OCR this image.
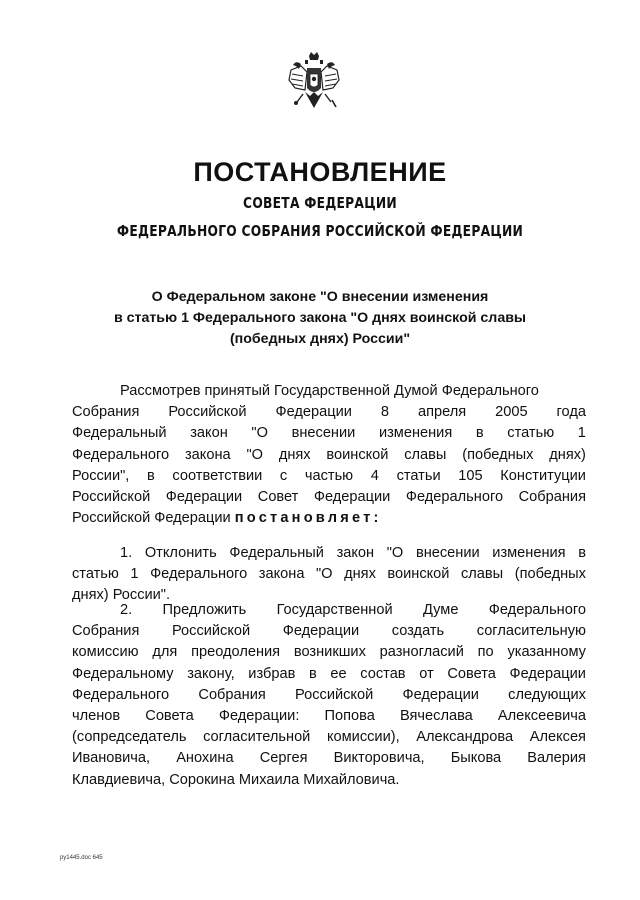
ПОСТАНОВЛЕНИЕ
СОВЕТА ФЕДЕРАЦИИ
ФЕДЕРАЛЬНОГО СОБРАНИЯ РОССИЙСКОЙ ФЕДЕРАЦИИ
О Федеральном законе "О внесении изменения
в статью 1 Федерального закона "О днях воинской славы
(победных днях) России"
Рассмотрев принятый Государственной Думой Федерального
Собрания Российской Федерации 8 апреля 2005 года
Федеральный закон "О внесении изменения в статью 1
Федерального закона "О днях воинской славы (победных днях)
России", в соответствии с частью 4 статьи 105 Конституции
Российской Федерации Совет Федерации Федерального Собрания
Российской Федерации постановляет:
1. Отклонить Федеральный закон "О внесении изменения в
статью 1 Федерального закона "О днях воинской славы (победных
днях) России".
2. Предложить Государственной Думе Федерального
Собрания Российской Федерации создать согласительную
комиссию для преодоления возникших разногласий по указанному
Федеральному закону, избрав в ее состав от Совета Федерации
Федерального Собрания Российской Федерации следующих
членов Совета Федерации: Попова Вячеслава Алексеевича
(сопредседатель согласительной комиссии), Александрова Алексея
Ивановича, Анохина Сергея Викторовича, Быкова Валерия
Клавдиевича, Сорокина Михаила Михайловича.
ру1445.doc 645
